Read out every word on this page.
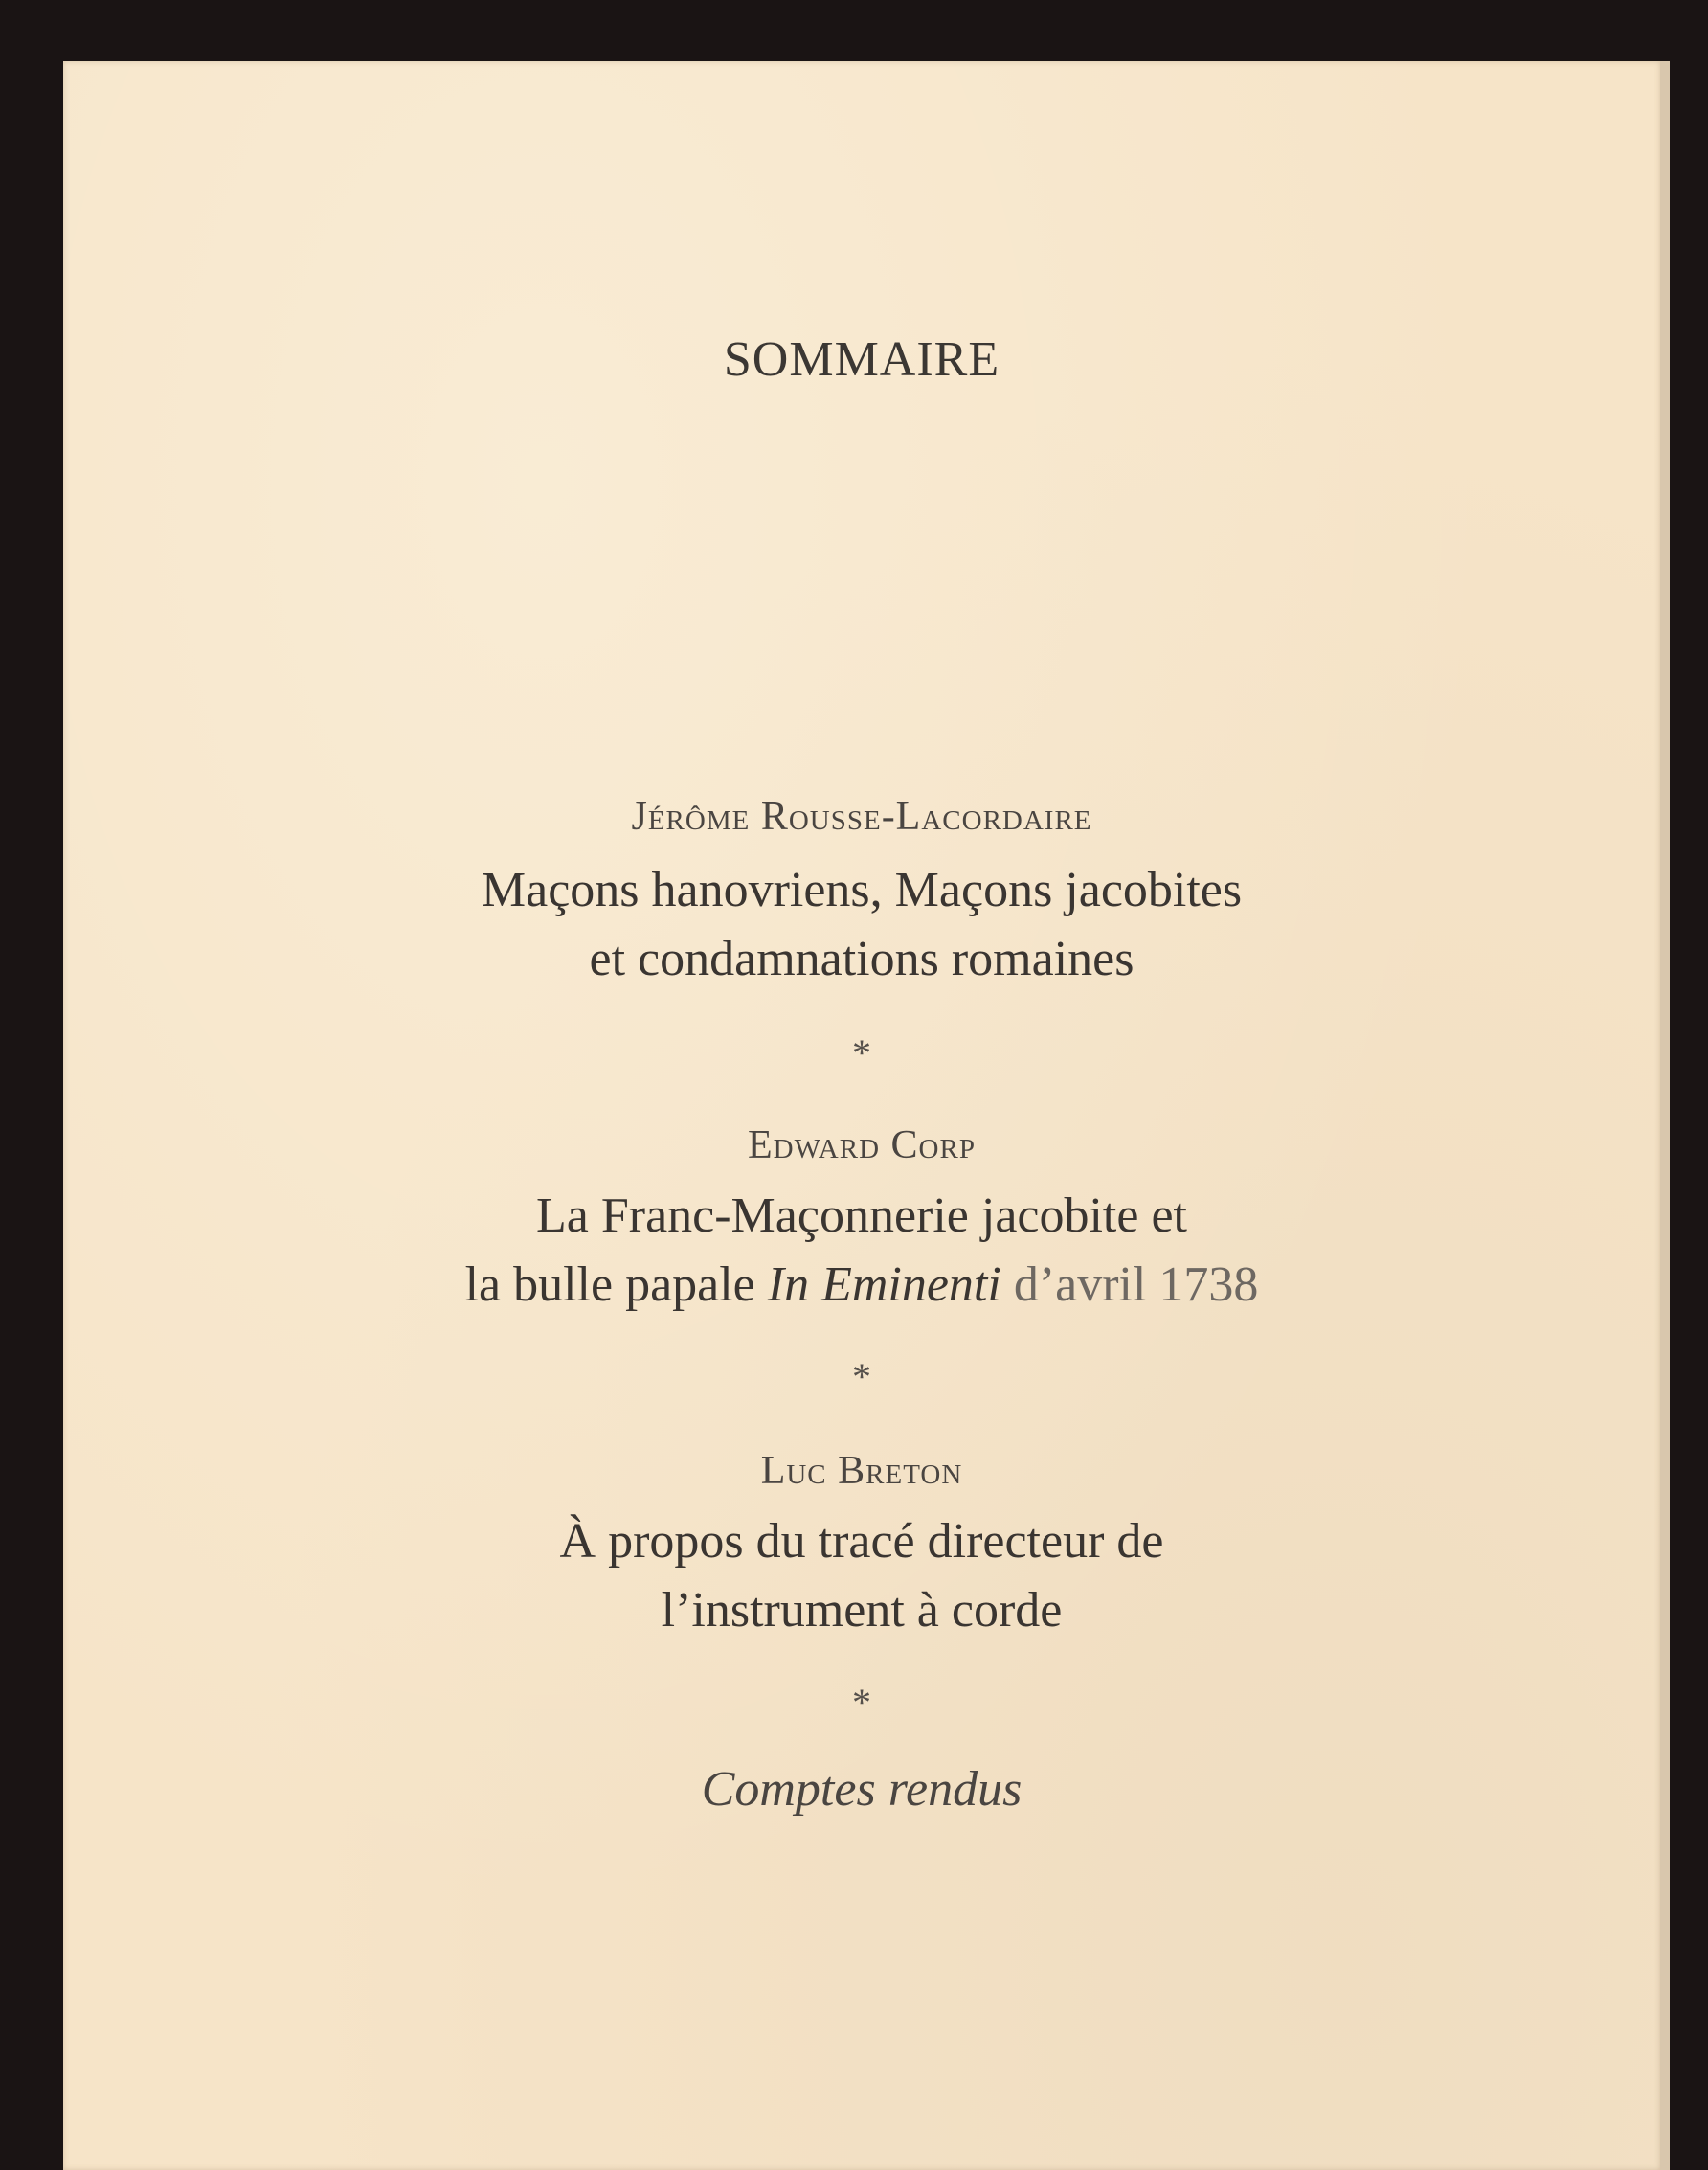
SOMMAIRE
Jérôme Rousse-Lacordaire
Maçons hanovriens, Maçons jacobites
et condamnations romaines
*
Edward Corp
La Franc-Maçonnerie jacobite et
la bulle papale In Eminenti d’avril 1738
*
Luc Breton
À propos du tracé directeur de
l’instrument à corde
*
Comptes rendus
